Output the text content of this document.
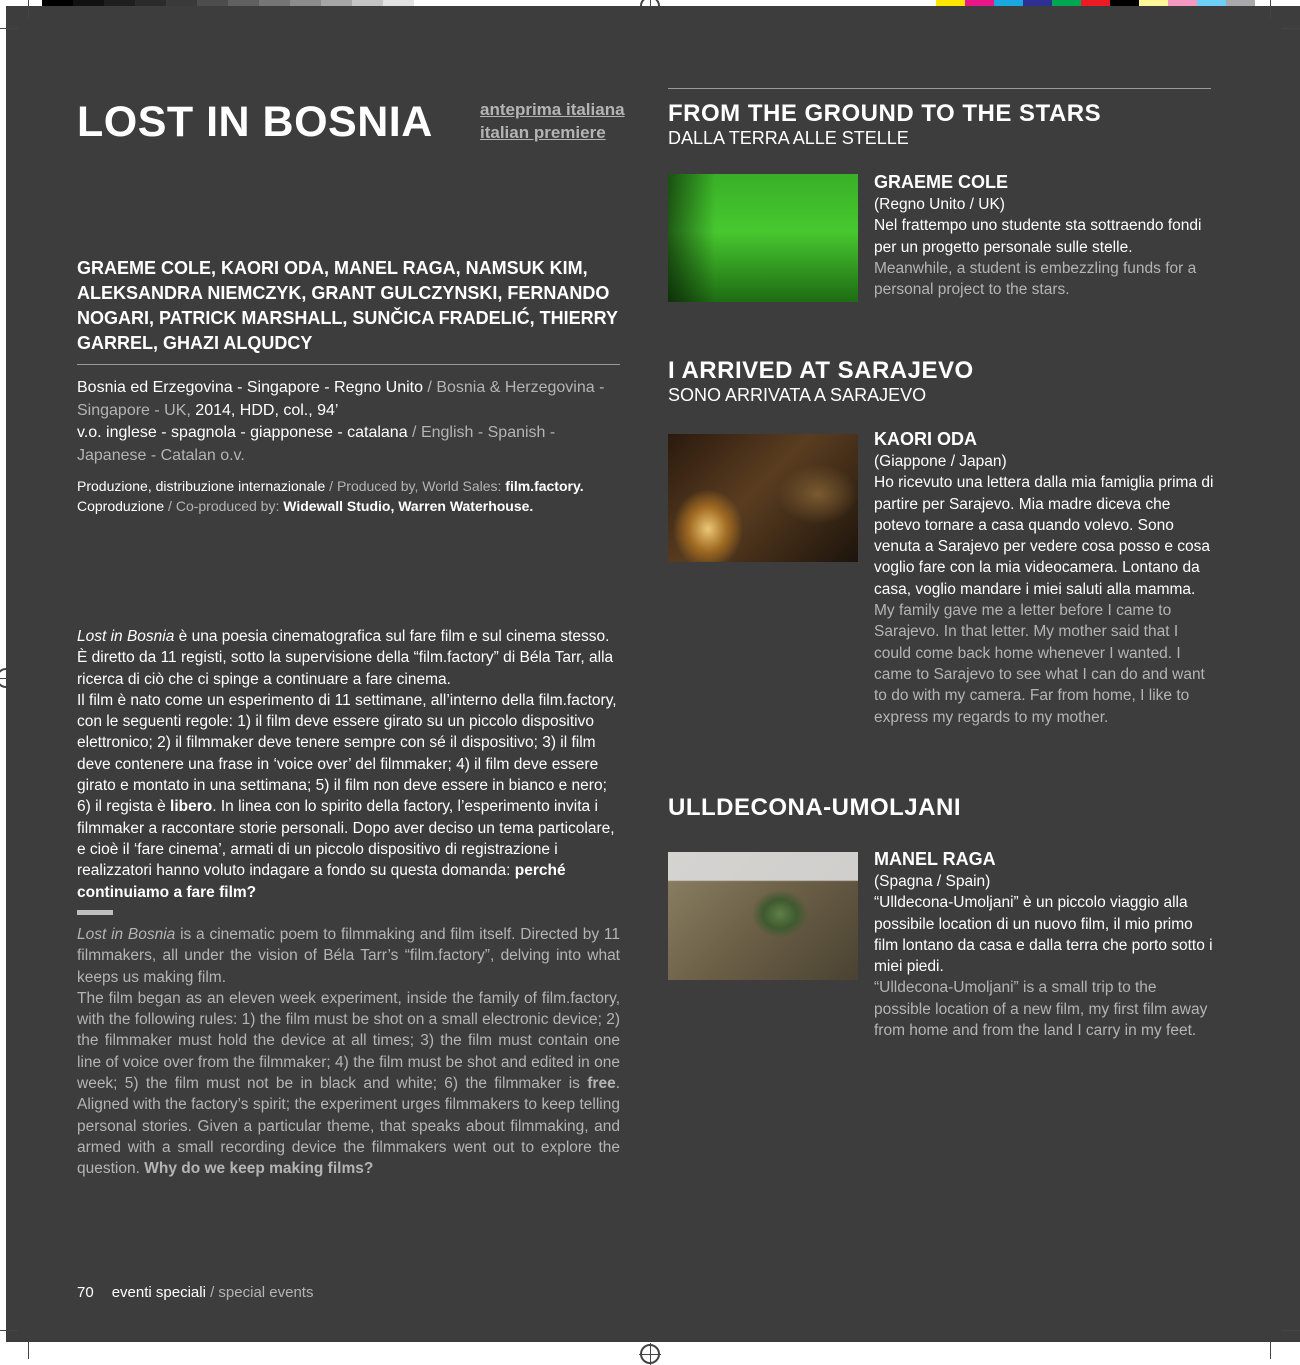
LOST IN BOSNIA	anteprima italiana
italian premiere
GRAEME COLE, KAORI ODA, MANEL RAGA, NAMSUK KIM, ALEKSANDRA NIEMCZYK, GRANT GULCZYNSKI, FERNANDO NOGARI, PATRICK MARSHALL, SUNČICA FRADELIĆ, THIERRY GARREL, GHAZI ALQUDCY
Bosnia ed Erzegovina - Singapore - Regno Unito / Bosnia & Herzegovina - Singapore - UK, 2014, HDD, col., 94’
v.o. inglese - spagnola - giapponese - catalana / English - Spanish - Japanese - Catalan o.v.
Produzione, distribuzione internazionale / Produced by, World Sales: film.factory.
Coproduzione / Co-produced by: Widewall Studio, Warren Waterhouse.
Lost in Bosnia è una poesia cinematografica sul fare film e sul cinema stesso. È diretto da 11 registi, sotto la supervisione della “film.factory” di Béla Tarr, alla ricerca di ciò che ci spinge a continuare a fare cinema.
Il film è nato come un esperimento di 11 settimane, all’interno della film.factory, con le seguenti regole: 1) il film deve essere girato su un piccolo dispositivo elettronico; 2) il filmmaker deve tenere sempre con sé il dispositivo; 3) il film deve contenere una frase in ‘voice over’ del filmmaker; 4) il film deve essere girato e montato in una settimana; 5) il film non deve essere in bianco e nero; 6) il regista è libero. In linea con lo spirito della factory, l’esperimento invita i filmmaker a raccontare storie personali. Dopo aver deciso un tema particolare, e cioè il ‘fare cinema’, armati di un piccolo dispositivo di registrazione i realizzatori hanno voluto indagare a fondo su questa domanda: perché continuiamo a fare film?
Lost in Bosnia is a cinematic poem to filmmaking and film itself. Directed by 11 filmmakers, all under the vision of Béla Tarr’s “film.factory”, delving into what keeps us making film.
The film began as an eleven week experiment, inside the family of film.factory, with the following rules: 1) the film must be shot on a small electronic device; 2) the filmmaker must hold the device at all times; 3) the film must contain one line of voice over from the filmmaker; 4) the film must be shot and edited in one week; 5) the film must not be in black and white; 6) the filmmaker is free. Aligned with the factory’s spirit; the experiment urges filmmakers to keep telling personal stories. Given a particular theme, that speaks about filmmaking, and armed with a small recording device the filmmakers went out to explore the question. Why do we keep making films?
70 eventi speciali / special events
FROM THE GROUND TO THE STARS
DALLA TERRA ALLE STELLE
GRAEME COLE
(Regno Unito / UK)
Nel frattempo uno studente sta sottraendo fondi per un progetto personale sulle stelle.
Meanwhile, a student is embezzling funds for a personal project to the stars.
I ARRIVED AT SARAJEVO
SONO ARRIVATA A SARAJEVO
KAORI ODA
(Giappone / Japan)
Ho ricevuto una lettera dalla mia famiglia prima di partire per Sarajevo. Mia madre diceva che potevo tornare a casa quando volevo. Sono venuta a Sarajevo per vedere cosa posso e cosa voglio fare con la mia videocamera. Lontano da casa, voglio mandare i miei saluti alla mamma.
My family gave me a letter before I came to Sarajevo. In that letter. My mother said that I could come back home whenever I wanted. I came to Sarajevo to see what I can do and want to do with my camera. Far from home, I like to express my regards to my mother.
ULLDECONA-UMOLJANI
MANEL RAGA
(Spagna / Spain)
“Ulldecona-Umoljani” è un piccolo viaggio alla possibile location di un nuovo film, il mio primo film lontano da casa e dalla terra che porto sotto i miei piedi.
“Ulldecona-Umoljani” is a small trip to the possible location of a new film, my first film away from home and from the land I carry in my feet.
